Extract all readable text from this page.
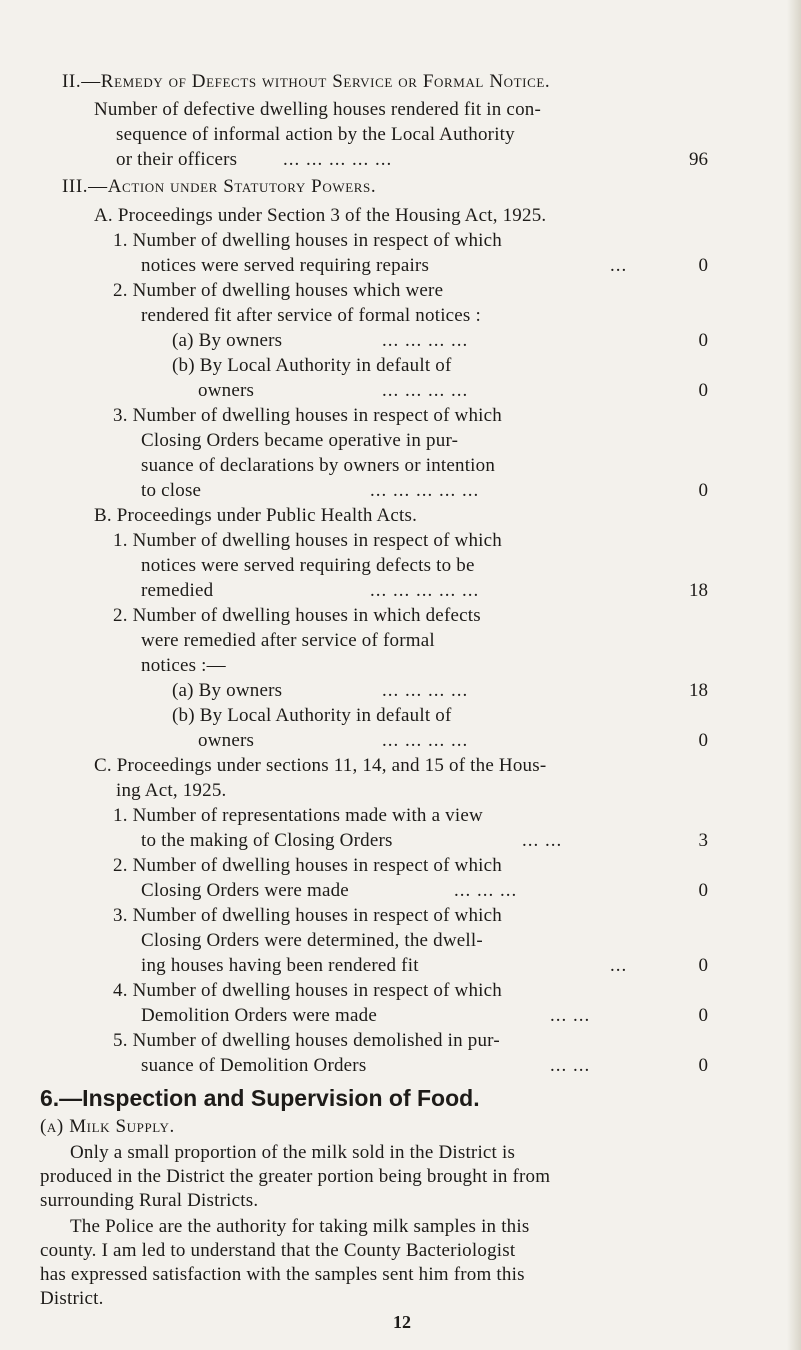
II.—Remedy of Defects without Service or Formal Notice.
Number of defective dwelling houses rendered fit in con-
sequence of informal action by the Local Authority
or their officers ... ... ... ... ...	96
III.—Action under Statutory Powers.
A. Proceedings under Section 3 of the Housing Act, 1925.
1. Number of dwelling houses in respect of which
notices were served requiring repairs	...	0
2. Number of dwelling houses which were
rendered fit after service of formal notices :
(a) By owners	... ... ... ...	0
(b) By Local Authority in default of
owners	... ... ... ...	0
3. Number of dwelling houses in respect of which
Closing Orders became operative in pur-
suance of declarations by owners or intention
to close	... ... ... ... ...	0
B. Proceedings under Public Health Acts.
1. Number of dwelling houses in respect of which
notices were served requiring defects to be
remedied	... ... ... ... ...	18
2. Number of dwelling houses in which defects
were remedied after service of formal
notices :—
(a) By owners	... ... ... ...	18
(b) By Local Authority in default of
owners	... ... ... ...	0
C. Proceedings under sections 11, 14, and 15 of the Hous-
ing Act, 1925.
1. Number of representations made with a view
to the making of Closing Orders	... ...	3
2. Number of dwelling houses in respect of which
Closing Orders were made	... ... ...	0
3. Number of dwelling houses in respect of which
Closing Orders were determined, the dwell-
ing houses having been rendered fit	...	0
4. Number of dwelling houses in respect of which
Demolition Orders were made	... ...	0
5. Number of dwelling houses demolished in pur-
suance of Demolition Orders	... ...	0
6.—Inspection and Supervision of Food.
(a) Milk Supply.
Only a small proportion of the milk sold in the District is
produced in the District the greater portion being brought in from
surrounding Rural Districts.
The Police are the authority for taking milk samples in this
county. I am led to understand that the County Bacteriologist
has expressed satisfaction with the samples sent him from this
District.
12
